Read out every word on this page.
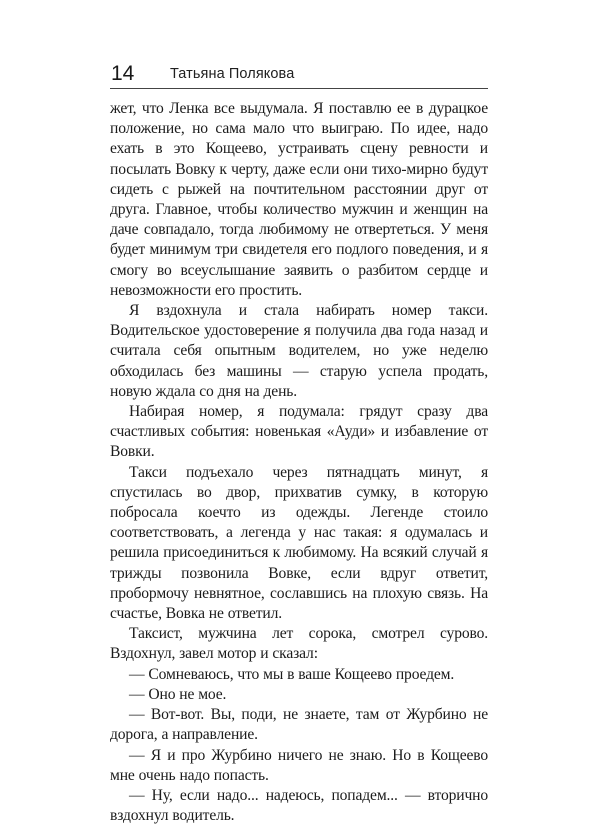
14 Татьяна Полякова

жет, что Ленка все выдумала. Я поставлю ее в дурацкое положение, но сама мало что выиграю. По идее, надо ехать в это Кощеево, устраивать сцену ревности и посылать Вовку к черту, даже если они тихо-мирно будут сидеть с рыжей на почтительном расстоянии друг от друга. Главное, чтобы количество мужчин и женщин на даче совпадало, тогда любимому не отвертеться. У меня будет минимум три свидетеля его подлого поведения, и я смогу во всеуслышание заявить о разбитом сердце и невозможности его простить.

Я вздохнула и стала набирать номер такси. Водительское удостоверение я получила два года назад и считала себя опытным водителем, но уже неделю обходилась без машины — старую успела продать, новую ждала со дня на день.

Набирая номер, я подумала: грядут сразу два счастливых события: новенькая «Ауди» и избавление от Вовки.

Такси подъехало через пятнадцать минут, я спустилась во двор, прихватив сумку, в которую побросала коечто из одежды. Легенде стоило соответствовать, а легенда у нас такая: я одумалась и решила присоединиться к любимому. На всякий случай я трижды позвонила Вовке, если вдруг ответит, пробормочу невнятное, сославшись на плохую связь. На счастье, Вовка не ответил.

Таксист, мужчина лет сорока, смотрел сурово. Вздохнул, завел мотор и сказал:

— Сомневаюсь, что мы в ваше Кощеево проедем.

— Оно не мое.

— Вот-вот. Вы, поди, не знаете, там от Журбино не дорога, а направление.

— Я и про Журбино ничего не знаю. Но в Кощеево мне очень надо попасть.

— Ну, если надо... надеюсь, попадем... — вторично вздохнул водитель.
